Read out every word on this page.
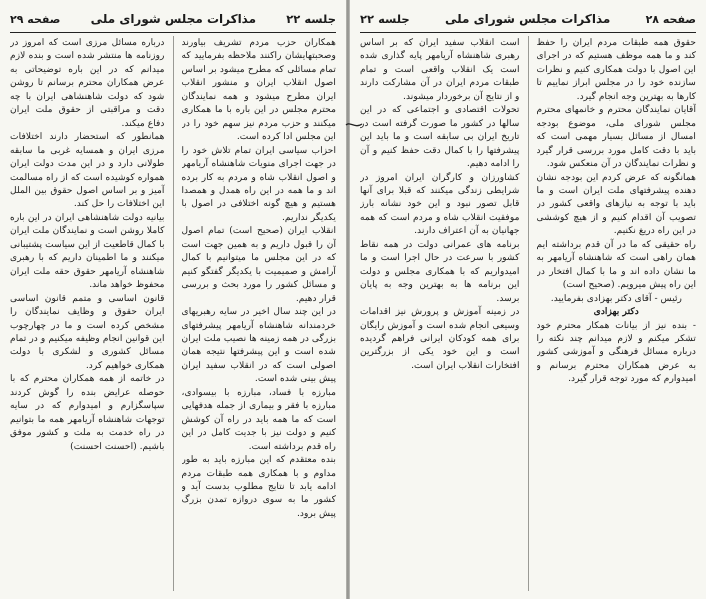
جلسه ۲۲
مذاکرات مجلس شورای ملی
صفحه ۲۹

همکاران حزب مردم تشریف بیاورند وصحبتهایشان راکنند ملاحظه بفرمایید که تمام مسائلی که مطرح میشود بر اساس اصول انقلاب ایران و منشور انقلاب ایران مطرح میشود و همه نمایندگان محترم مجلس در این باره با ما همکاری میکنند و حزب مردم نیز سهم خود را در این مجلس ادا کرده است.

احزاب سیاسی ایران تمام تلاش خود را در جهت اجرای منویات شاهنشاه آریامهر و اصول انقلاب شاه و مردم به کار برده اند و ما همه در این راه همدل و همصدا هستیم و هیچ گونه اختلافی در اصول با یکدیگر نداریم.

انقلاب ایران (صحیح است) تمام اصول آن را قبول داریم و به همین جهت است که در این مجلس ما میتوانیم با کمال آرامش و صمیمیت با یکدیگر گفتگو کنیم و مسائل کشور را مورد بحث و بررسی قرار دهیم.

در این چند سال اخیر در سایه رهبریهای خردمندانه شاهنشاه آریامهر پیشرفتهای بزرگی در همه زمینه ها نصیب ملت ایران شده است و این پیشرفتها نتیجه همان اصولی است که در انقلاب سفید ایران پیش بینی شده است.

مبارزه با فساد، مبارزه با بیسوادی، مبارزه با فقر و بیماری از جمله هدفهایی است که ما همه باید در راه آن کوشش کنیم و دولت نیز با جدیت کامل در این راه قدم برداشته است.

بنده معتقدم که این مبارزه باید به طور مداوم و با همکاری همه طبقات مردم ادامه یابد تا نتایج مطلوب بدست آید و کشور ما به سوی دروازه تمدن بزرگ پیش برود.

درباره مسائل مرزی است که امروز در روزنامه ها منتشر شده است و بنده لازم میدانم که در این باره توضیحاتی به عرض همکاران محترم برسانم تا روشن شود که دولت شاهنشاهی ایران با چه دقت و مراقبتی از حقوق ملت ایران دفاع میکند.

همانطور که استحضار دارند اختلافات مرزی ایران و همسایه غربی ما سابقه طولانی دارد و در این مدت دولت ایران همواره کوشیده است که از راه مسالمت آمیز و بر اساس اصول حقوق بین الملل این اختلافات را حل کند.

بیانیه دولت شاهنشاهی ایران در این باره کاملا روشن است و نمایندگان ملت ایران با کمال قاطعیت از این سیاست پشتیبانی میکنند و ما اطمینان داریم که با رهبری شاهنشاه آریامهر حقوق حقه ملت ایران محفوظ خواهد ماند.

قانون اساسی و متمم قانون اساسی ایران حقوق و وظایف نمایندگان را مشخص کرده است و ما در چهارچوب این قوانین انجام وظیفه میکنیم و در تمام مسائل کشوری و لشکری با دولت همکاری خواهیم کرد.

در خاتمه از همه همکاران محترم که با حوصله عرایض بنده را گوش کردند سپاسگزارم و امیدوارم که در سایه توجهات شاهنشاه آریامهر همه ما بتوانیم در راه خدمت به ملت و کشور موفق باشیم. (احسنت احسنت)

صفحه ۲۸
مذاکرات مجلس شورای ملی
جلسه ۲۲

حقوق همه طبقات مردم ایران را حفظ کند و ما همه موظف هستیم که در اجرای این اصول با دولت همکاری کنیم و نظرات سازنده خود را در مجلس ابراز نماییم تا کارها به بهترین وجه انجام گیرد.

آقایان نمایندگان محترم و خانمهای محترم مجلس شورای ملی، موضوع بودجه امسال از مسائل بسیار مهمی است که باید با دقت کامل مورد بررسی قرار گیرد و نظرات نمایندگان در آن منعکس شود.

همانگونه که عرض کردم این بودجه نشان دهنده پیشرفتهای ملت ایران است و ما باید با توجه به نیازهای واقعی کشور در تصویب آن اقدام کنیم و از هیچ کوششی در این راه دریغ نکنیم.

راه حقیقی که ما در آن قدم برداشته ایم همان راهی است که شاهنشاه آریامهر به ما نشان داده اند و ما با کمال افتخار در این راه پیش میرویم. (صحیح است)

رئیس - آقای دکتر بهزادی بفرمایید.

دکتر بهزادی

- بنده نیز از بیانات همکار محترم خود تشکر میکنم و لازم میدانم چند نکته را درباره مسائل فرهنگی و آموزشی کشور به عرض همکاران محترم برسانم و امیدوارم که مورد توجه قرار گیرد.

است انقلاب سفید ایران که بر اساس رهبری شاهنشاه آریامهر پایه گذاری شده است یک انقلاب واقعی است و تمام طبقات مردم ایران در آن مشارکت دارند و از نتایج آن برخوردار میشوند.

تحولات اقتصادی و اجتماعی که در این سالها در کشور ما صورت گرفته است در تاریخ ایران بی سابقه است و ما باید این پیشرفتها را با کمال دقت حفظ کنیم و آن را ادامه دهیم.

کشاورزان و کارگران ایران امروز در شرایطی زندگی میکنند که قبلا برای آنها قابل تصور نبود و این خود نشانه بارز موفقیت انقلاب شاه و مردم است که همه جهانیان به آن اعتراف دارند.

برنامه های عمرانی دولت در همه نقاط کشور با سرعت در حال اجرا است و ما امیدواریم که با همکاری مجلس و دولت این برنامه ها به بهترین وجه به پایان برسد.

در زمینه آموزش و پرورش نیز اقدامات وسیعی انجام شده است و آموزش رایگان برای همه کودکان ایرانی فراهم گردیده است و این خود یکی از بزرگترین افتخارات انقلاب ایران است.
